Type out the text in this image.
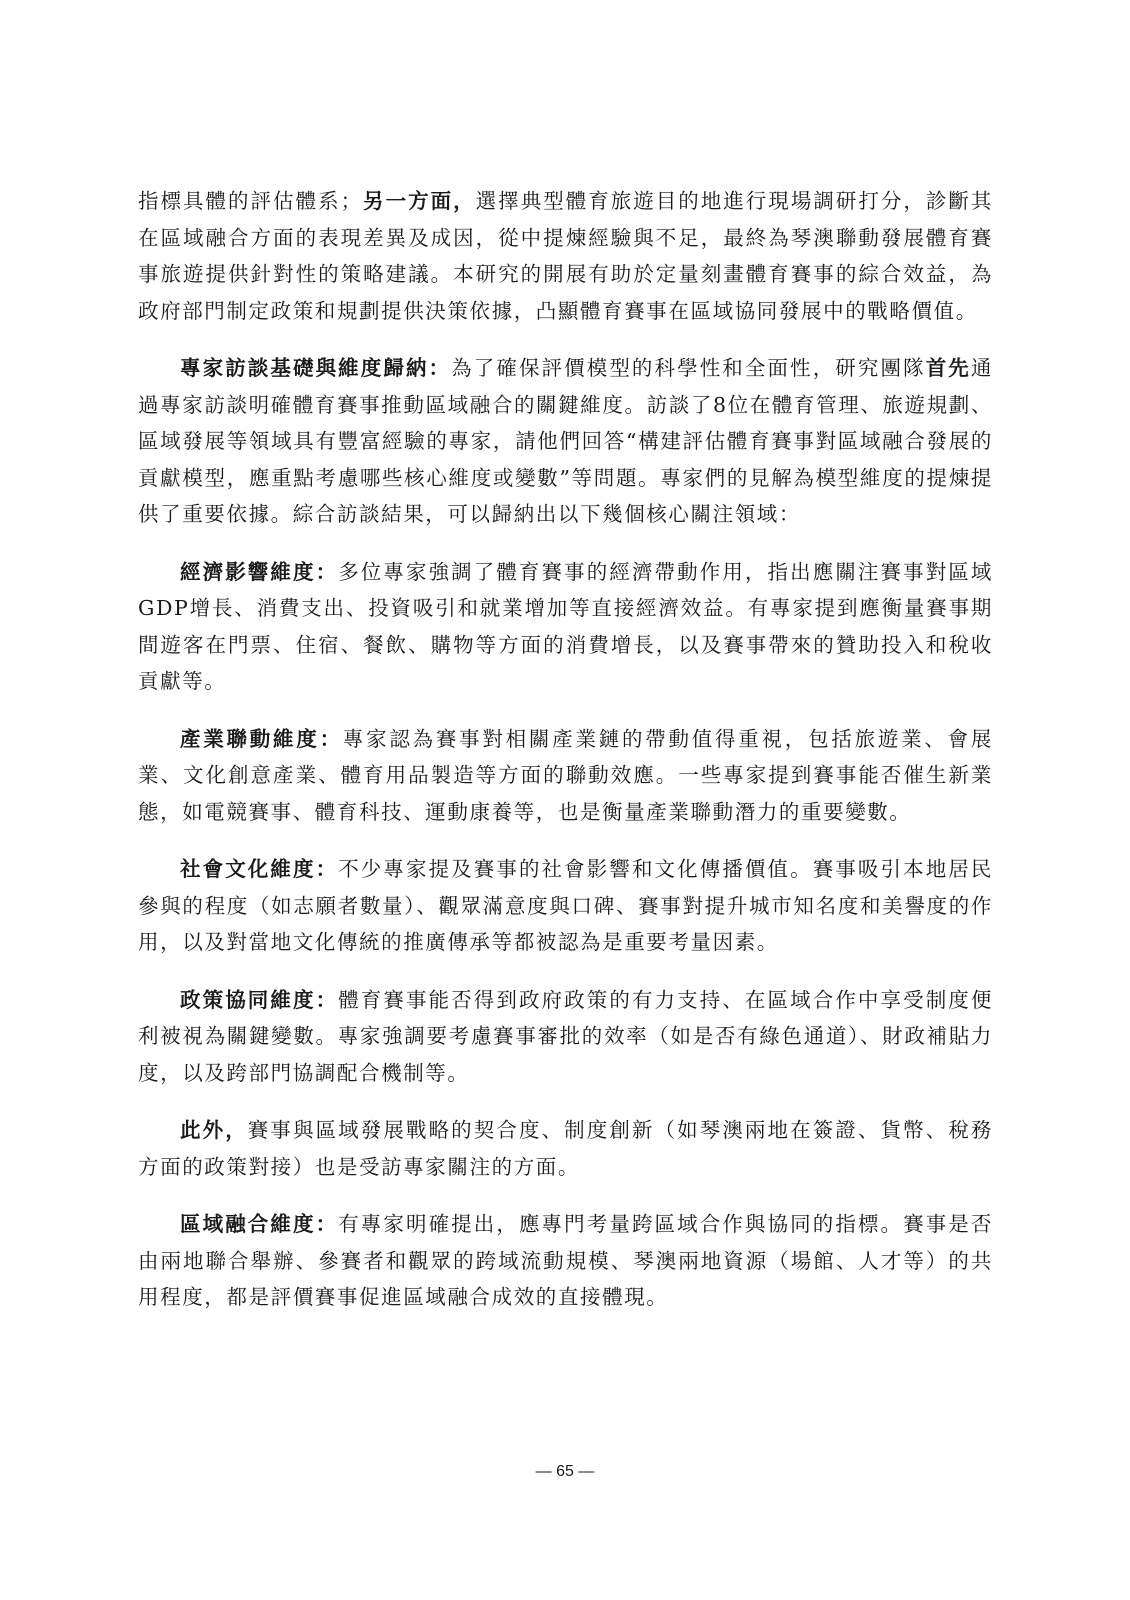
指標具體的評估體系；另一方面，選擇典型體育旅遊目的地進行現場調研打分，診斷其在區域融合方面的表現差異及成因，從中提煉經驗與不足，最終為琴澳聯動發展體育賽事旅遊提供針對性的策略建議。本研究的開展有助於定量刻畫體育賽事的綜合效益，為政府部門制定政策和規劃提供決策依據，凸顯體育賽事在區域協同發展中的戰略價值。

專家訪談基礎與維度歸納：為了確保評價模型的科學性和全面性，研究團隊首先通過專家訪談明確體育賽事推動區域融合的關鍵維度。訪談了8位在體育管理、旅遊規劃、區域發展等領域具有豐富經驗的專家，請他們回答“構建評估體育賽事對區域融合發展的貢獻模型，應重點考慮哪些核心維度或變數”等問題。專家們的見解為模型維度的提煉提供了重要依據。綜合訪談結果，可以歸納出以下幾個核心關注領域：

經濟影響維度：多位專家強調了體育賽事的經濟帶動作用，指出應關注賽事對區域GDP增長、消費支出、投資吸引和就業增加等直接經濟效益。有專家提到應衡量賽事期間遊客在門票、住宿、餐飲、購物等方面的消費增長，以及賽事帶來的贊助投入和稅收貢獻等。

產業聯動維度：專家認為賽事對相關產業鏈的帶動值得重視，包括旅遊業、會展業、文化創意產業、體育用品製造等方面的聯動效應。一些專家提到賽事能否催生新業態，如電競賽事、體育科技、運動康養等，也是衡量產業聯動潛力的重要變數。

社會文化維度：不少專家提及賽事的社會影響和文化傳播價值。賽事吸引本地居民參與的程度（如志願者數量）、觀眾滿意度與口碑、賽事對提升城市知名度和美譽度的作用，以及對當地文化傳統的推廣傳承等都被認為是重要考量因素。

政策協同維度：體育賽事能否得到政府政策的有力支持、在區域合作中享受制度便利被視為關鍵變數。專家強調要考慮賽事審批的效率（如是否有綠色通道）、財政補貼力度，以及跨部門協調配合機制等。

此外，賽事與區域發展戰略的契合度、制度創新（如琴澳兩地在簽證、貨幣、稅務方面的政策對接）也是受訪專家關注的方面。

區域融合維度：有專家明確提出，應專門考量跨區域合作與協同的指標。賽事是否由兩地聯合舉辦、參賽者和觀眾的跨域流動規模、琴澳兩地資源（場館、人才等）的共用程度，都是評價賽事促進區域融合成效的直接體現。

— 65 —
